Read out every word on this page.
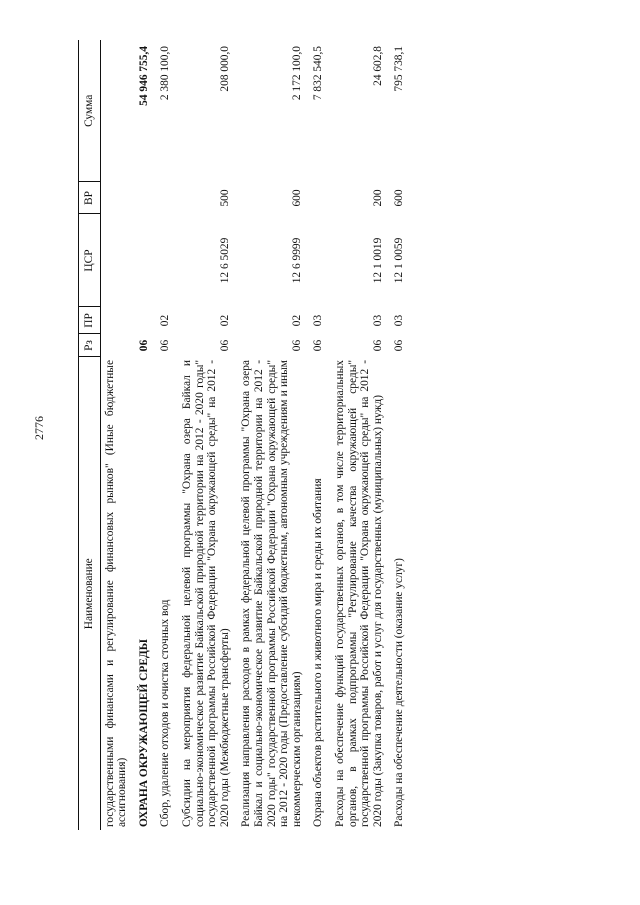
2776
Наименование	Рз	ПР	ЦСР	ВР	Сумма
государственными финансами и регулирование финансовых рынков" (Иные бюджетные ассигнования)					
ОХРАНА ОКРУЖАЮЩЕЙ СРЕДЫ	06				54 946 755,4
Сбор, удаление отходов и очистка сточных вод	06	02			2 380 100,0
Субсидии на мероприятия федеральной целевой программы "Охрана озера Байкал и социально-экономическое развитие Байкальской природной территории на 2012 - 2020 годы" государственной программы Российской Федерации "Охрана окружающей среды" на 2012 - 2020 годы (Межбюджетные трансферты)	06	02	12 6 5029	500	208 000,0
Реализация направления расходов в рамках федеральной целевой программы "Охрана озера Байкал и социально-экономическое развитие Байкальской природной территории на 2012 - 2020 годы" государственной программы Российской Федерации "Охрана окружающей среды" на 2012 - 2020 годы (Предоставление субсидий бюджетным, автономным учреждениям и иным некоммерческим организациям)	06	02	12 6 9999	600	2 172 100,0
Охрана объектов растительного и животного мира и среды их обитания	06	03			7 832 540,5
Расходы на обеспечение функций государственных органов, в том числе территориальных органов, в рамках подпрограммы "Регулирование качества окружающей среды" государственной программы Российской Федерации "Охрана окружающей среды" на 2012 - 2020 годы (Закупка товаров, работ и услуг для государственных (муниципальных) нужд)	06	03	12 1 0019	200	24 602,8
Расходы на обеспечение деятельности (оказание услуг)	06	03	12 1 0059	600	795 738,1
